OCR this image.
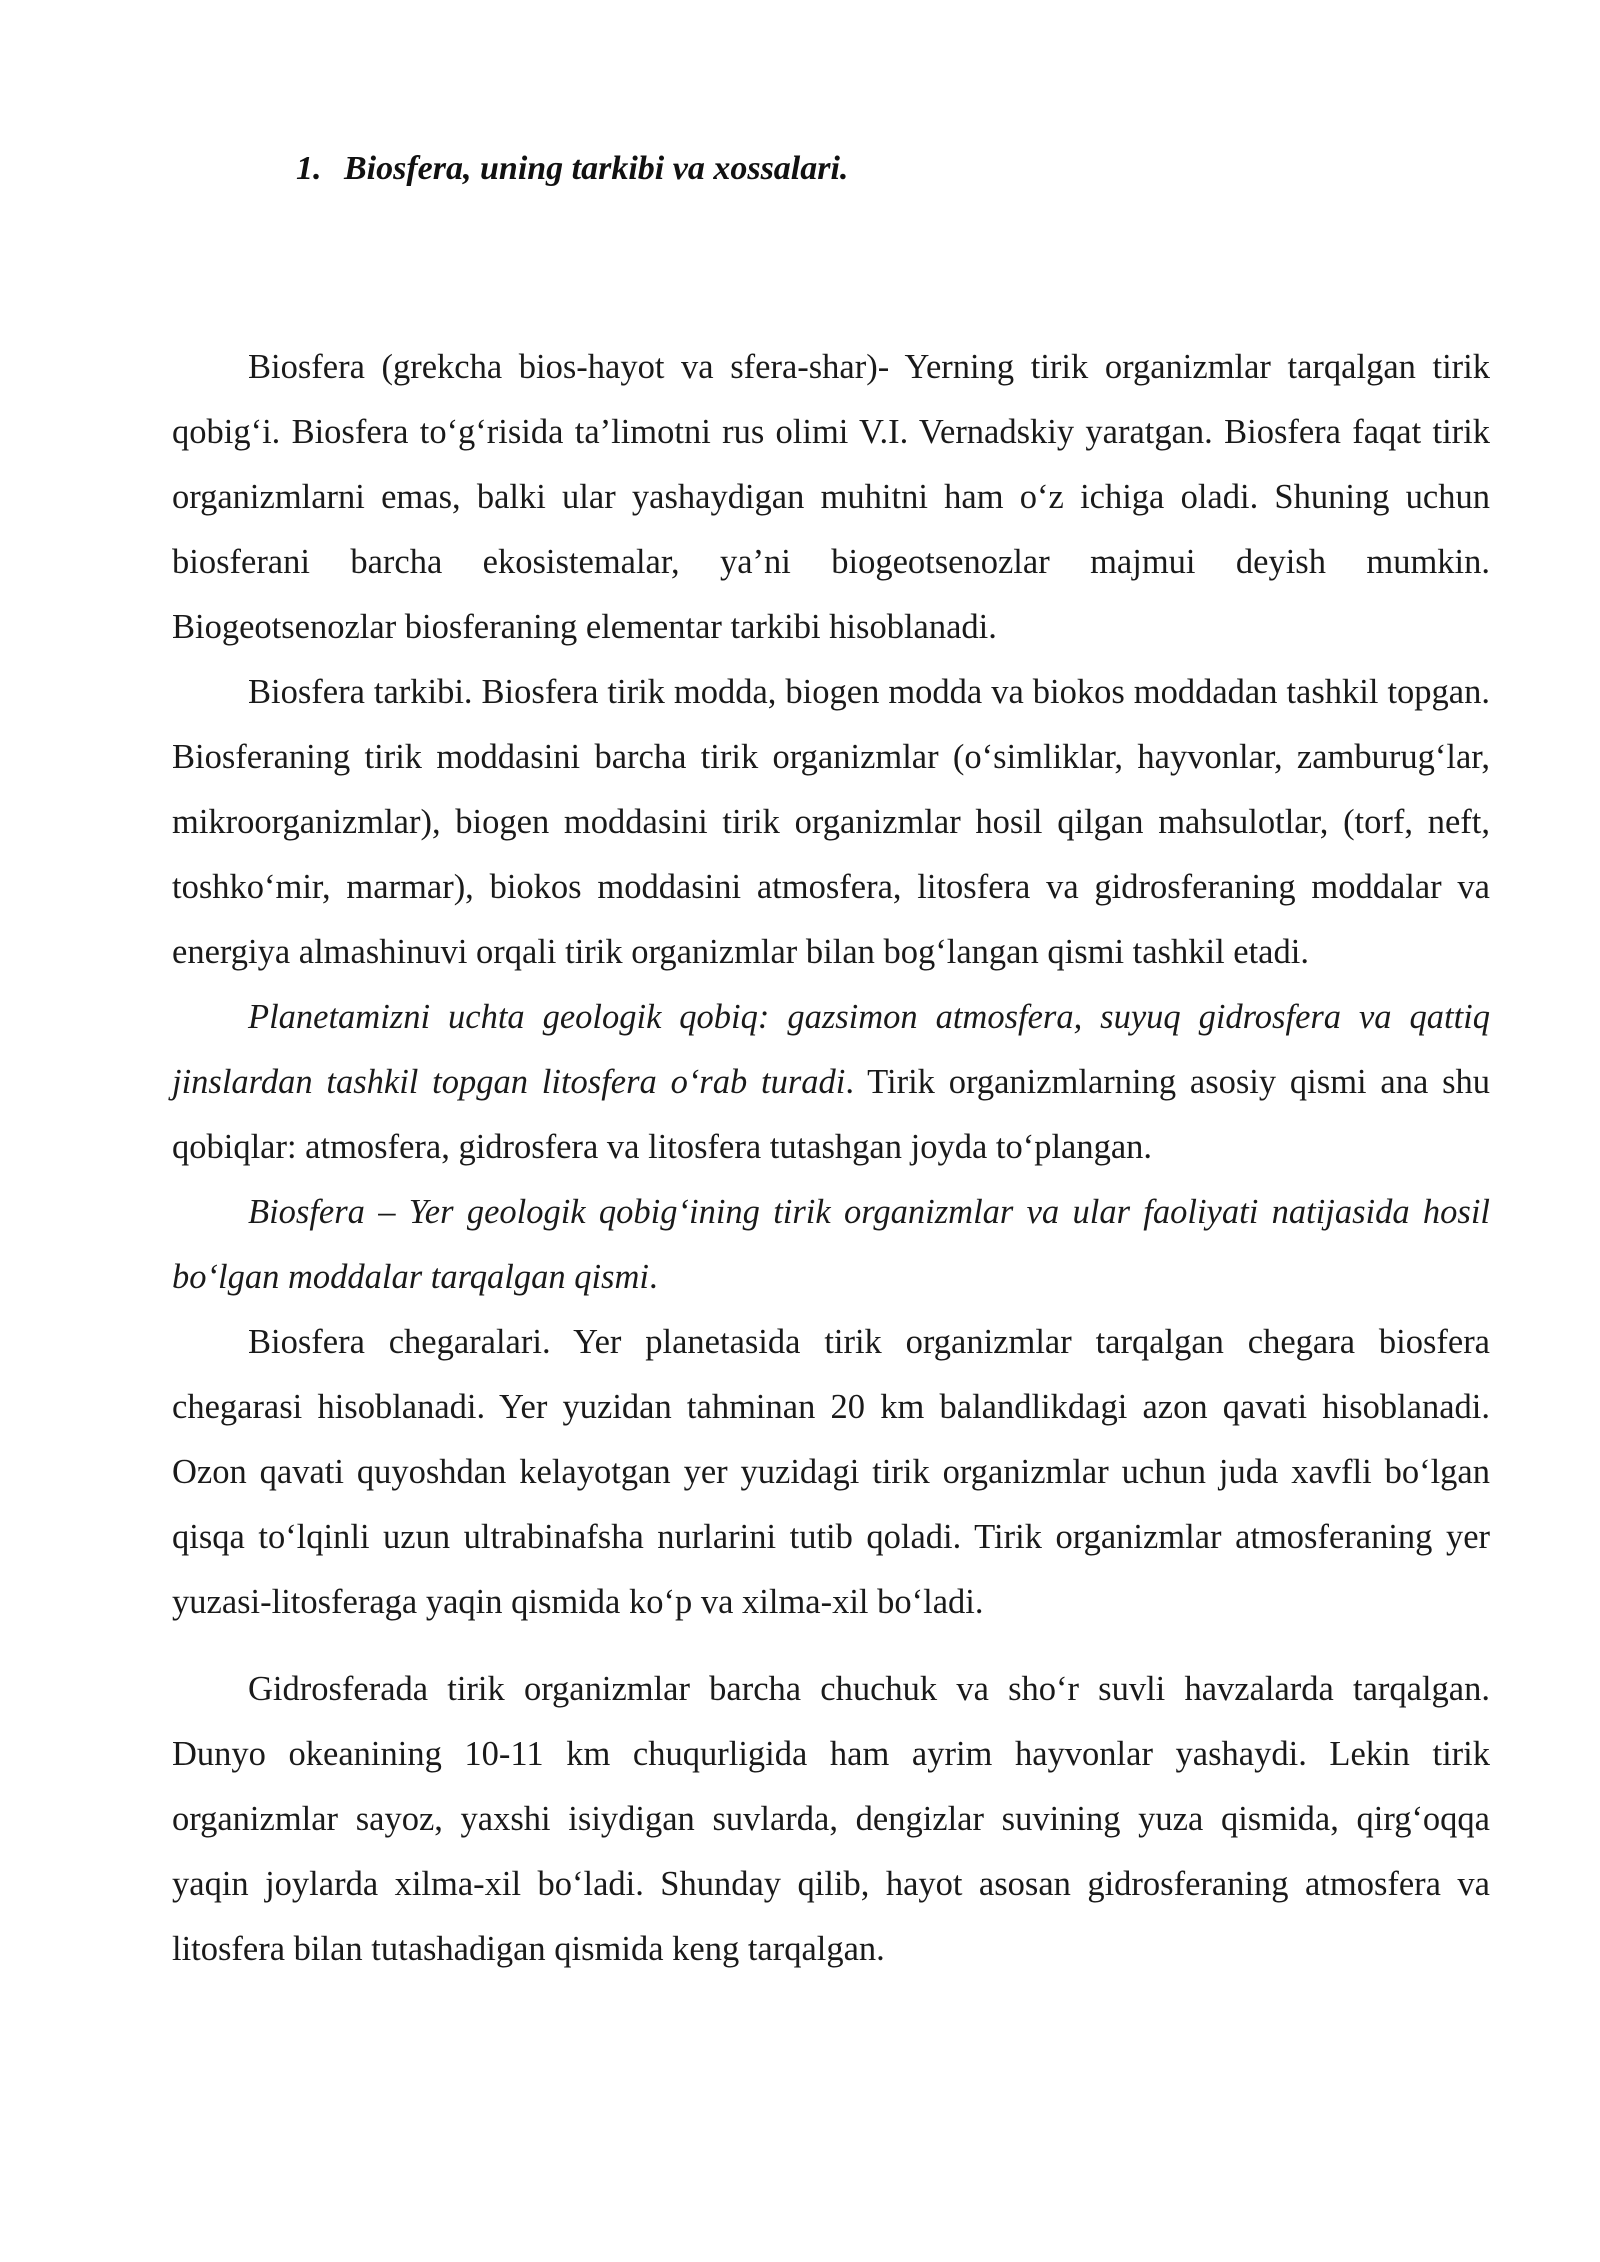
1. Biosfera, uning tarkibi va xossalari.

Biosfera (grekcha bios-hayot va sfera-shar)- Yerning tirik organizmlar tarqalgan tirik qobig‘i. Biosfera to‘g‘risida ta’limotni rus olimi V.I. Vernadskiy yaratgan. Biosfera faqat tirik organizmlarni emas, balki ular yashaydigan muhitni ham o‘z ichiga oladi. Shuning uchun biosferani barcha ekosistemalar, ya’ni biogeotsenozlar majmui deyish mumkin. Biogeotsenozlar biosferaning elementar tarkibi hisoblanadi.

Biosfera tarkibi. Biosfera tirik modda, biogen modda va biokos moddadan tashkil topgan. Biosferaning tirik moddasini barcha tirik organizmlar (o‘simliklar, hayvonlar, zamburug‘lar, mikroorganizmlar), biogen moddasini tirik organizmlar hosil qilgan mahsulotlar, (torf, neft, toshko‘mir, marmar), biokos moddasini atmosfera, litosfera va gidrosferaning moddalar va energiya almashinuvi orqali tirik organizmlar bilan bog‘langan qismi tashkil etadi.

Planetamizni uchta geologik qobiq: gazsimon atmosfera, suyuq gidrosfera va qattiq jinslardan tashkil topgan litosfera o‘rab turadi. Tirik organizmlarning asosiy qismi ana shu qobiqlar: atmosfera, gidrosfera va litosfera tutashgan joyda to‘plangan.

Biosfera – Yer geologik qobig‘ining tirik organizmlar va ular faoliyati natijasida hosil bo‘lgan moddalar tarqalgan qismi.

Biosfera chegaralari. Yer planetasida tirik organizmlar tarqalgan chegara biosfera chegarasi hisoblanadi. Yer yuzidan tahminan 20 km balandlikdagi azon qavati hisoblanadi. Ozon qavati quyoshdan kelayotgan yer yuzidagi tirik organizmlar uchun juda xavfli bo‘lgan qisqa to‘lqinli uzun ultrabinafsha nurlarini tutib qoladi. Tirik organizmlar atmosferaning yer yuzasi-litosferaga yaqin qismida ko‘p va xilma-xil bo‘ladi.

Gidrosferada tirik organizmlar barcha chuchuk va sho‘r suvli havzalarda tarqalgan. Dunyo okeanining 10-11 km chuqurligida ham ayrim hayvonlar yashaydi. Lekin tirik organizmlar sayoz, yaxshi isiydigan suvlarda, dengizlar suvining yuza qismida, qirg‘oqqa yaqin joylarda xilma-xil bo‘ladi. Shunday qilib, hayot asosan gidrosferaning atmosfera va litosfera bilan tutashadigan qismida keng tarqalgan.
